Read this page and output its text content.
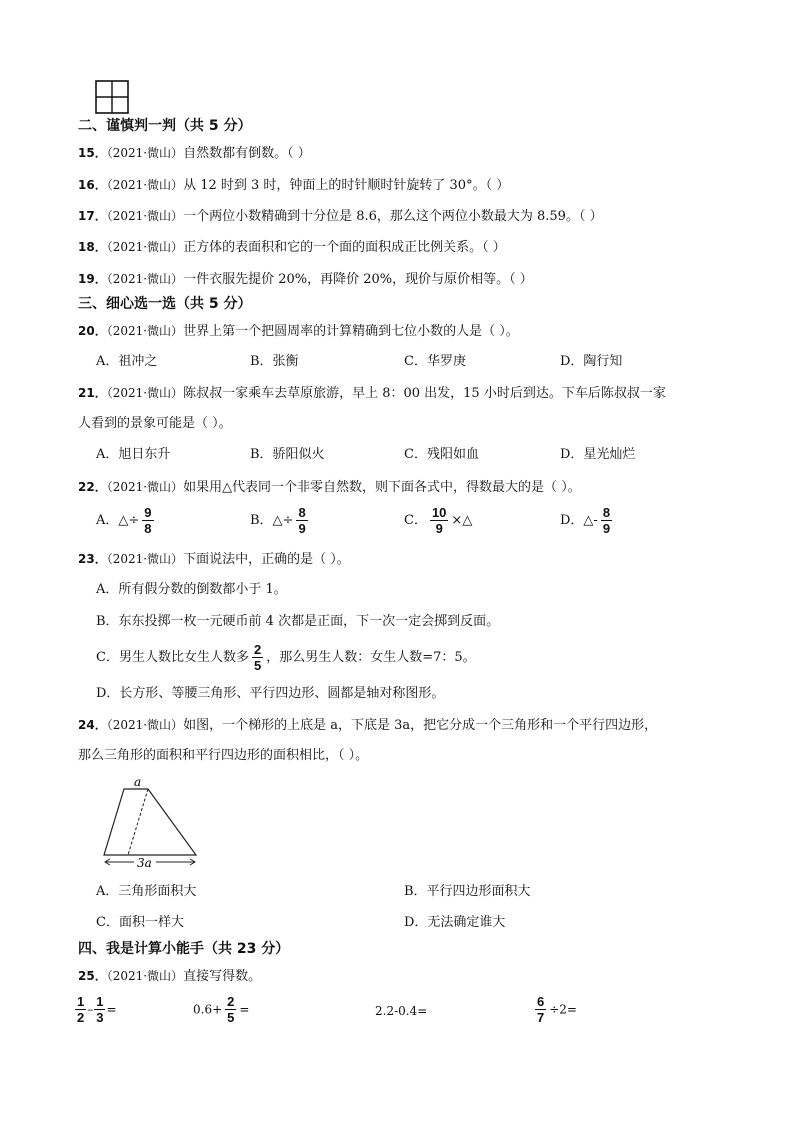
二、谨慎判一判（共 5 分）
15．（2021·微山）自然数都有倒数。（ ）
16．（2021·微山）从 12 时到 3 时，钟面上的时针顺时针旋转了 30°。（ ）
17．（2021·微山）一个两位小数精确到十分位是 8.6，那么这个两位小数最大为 8.59。（ ）
18．（2021·微山）正方体的表面积和它的一个面的面积成正比例关系。（ ）
19．（2021·微山）一件衣服先提价 20%，再降价 20%，现价与原价相等。（ ）
三、细心选一选（共 5 分）
20．（2021·微山）世界上第一个把圆周率的计算精确到七位小数的人是（ ）。
A．祖冲之	B．张衡	C．华罗庚	D．陶行知
21．（2021·微山）陈叔叔一家乘车去草原旅游，早上 8：00 出发，15 小时后到达。下车后陈叔叔一家
人看到的景象可能是（ ）。
A．旭日东升	B．骄阳似火	C．残阳如血	D．星光灿烂
22．（2021·微山）如果用△代表同一个非零自然数，则下面各式中，得数最大的是（ ）。
A．△÷ $\frac{9}{8}$	B．△÷ $\frac{8}{9}$	C． $\frac{10}{9}$ ×△	D．△- $\frac{8}{9}$
23．（2021·微山）下面说法中，正确的是（ ）。
A．所有假分数的倒数都小于 1。
B．东东投掷一枚一元硬币前 4 次都是正面，下一次一定会掷到反面。
C．男生人数比女生人数多 $\frac{2}{5}$ ，那么男生人数：女生人数=7：5。
D．长方形、等腰三角形、平行四边形、圆都是轴对称图形。
24．（2021·微山）如图，一个梯形的上底是 a，下底是 3a，把它分成一个三角形和一个平行四边形，
那么三角形的面积和平行四边形的面积相比，（ ）。
a
3a
A．三角形面积大	B．平行四边形面积大
C．面积一样大	D．无法确定谁大
四、我是计算小能手（共 23 分）
25．（2021·微山）直接写得数。
$\frac{1}{2} - \frac{1}{3}$ =	$0.6+ \frac{2}{5}$ =	2.2-0.4=	$\frac{6}{7} \div 2=$
